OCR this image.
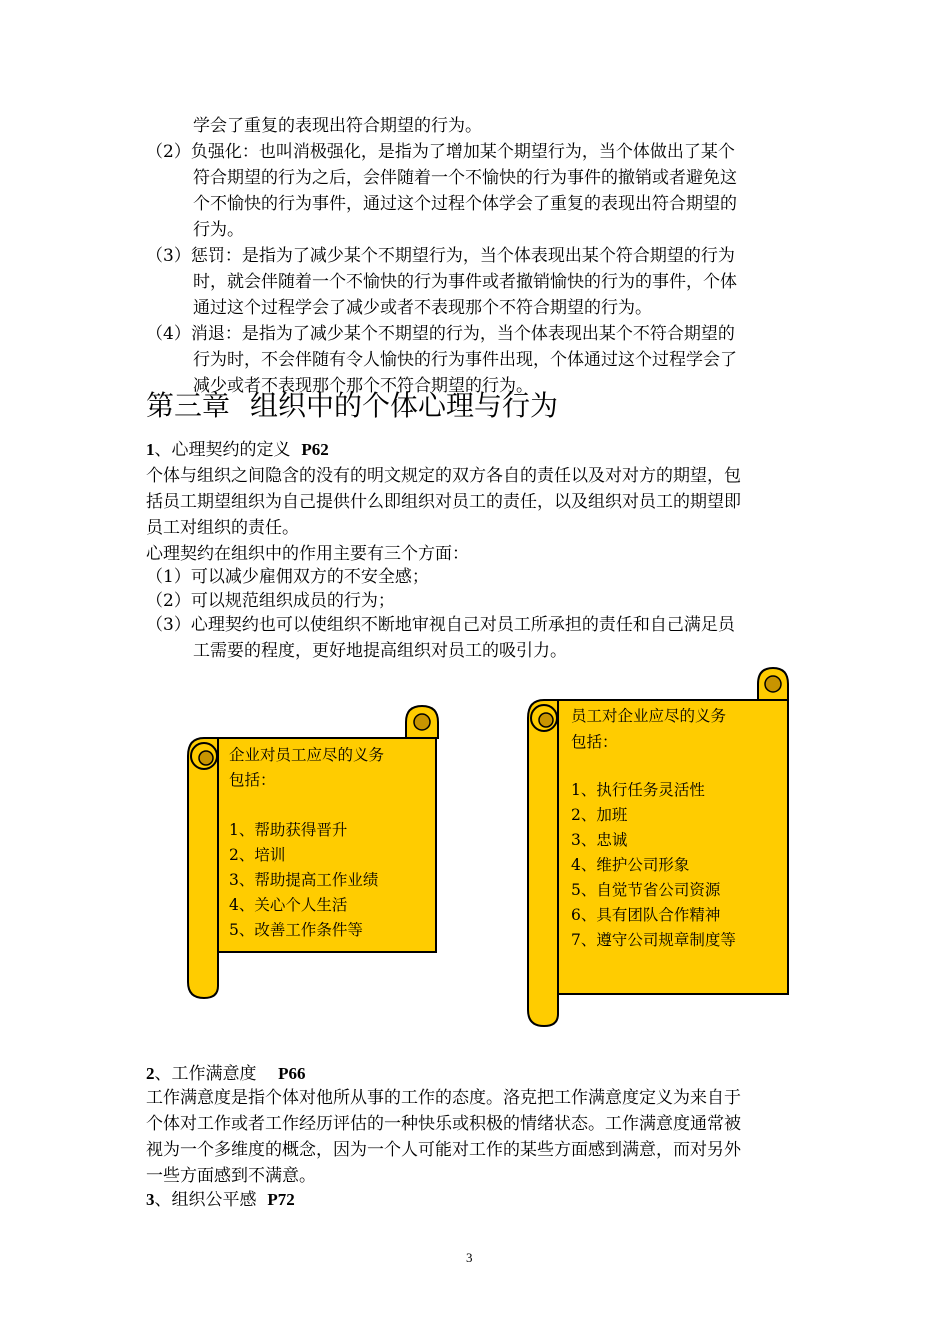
学会了重复的表现出符合期望的行为。
（2）负强化：也叫消极强化，是指为了增加某个期望行为，当个体做出了某个
符合期望的行为之后，会伴随着一个不愉快的行为事件的撤销或者避免这
个不愉快的行为事件，通过这个过程个体学会了重复的表现出符合期望的
行为。
（3）惩罚：是指为了减少某个不期望行为，当个体表现出某个符合期望的行为
时，就会伴随着一个不愉快的行为事件或者撤销愉快的行为的事件，个体
通过这个过程学会了减少或者不表现那个不符合期望的行为。
（4）消退：是指为了减少某个不期望的行为，当个体表现出某个不符合期望的
行为时，不会伴随有令人愉快的行为事件出现，个体通过这个过程学会了
减少或者不表现那个那个不符合期望的行为。
第三章 组织中的个体心理与行为
1、心理契约的定义 P62
个体与组织之间隐含的没有的明文规定的双方各自的责任以及对对方的期望，包
括员工期望组织为自己提供什么即组织对员工的责任，以及组织对员工的期望即
员工对组织的责任。
心理契约在组织中的作用主要有三个方面：
（1）可以减少雇佣双方的不安全感；
（2）可以规范组织成员的行为；
（3）心理契约也可以使组织不断地审视自己对员工所承担的责任和自己满足员
工需要的程度，更好地提高组织对员工的吸引力。
企业对员工应尽的义务
包括：
1、帮助获得晋升
2、培训
3、帮助提高工作业绩
4、关心个人生活
5、改善工作条件等
员工对企业应尽的义务
包括：
1、执行任务灵活性
2、加班
3、忠诚
4、维护公司形象
5、自觉节省公司资源
6、具有团队合作精神
7、遵守公司规章制度等
2、工作满意度 P66
工作满意度是指个体对他所从事的工作的态度。洛克把工作满意度定义为来自于
个体对工作或者工作经历评估的一种快乐或积极的情绪状态。工作满意度通常被
视为一个多维度的概念，因为一个人可能对工作的某些方面感到满意，而对另外
一些方面感到不满意。
3、组织公平感 P72
3
